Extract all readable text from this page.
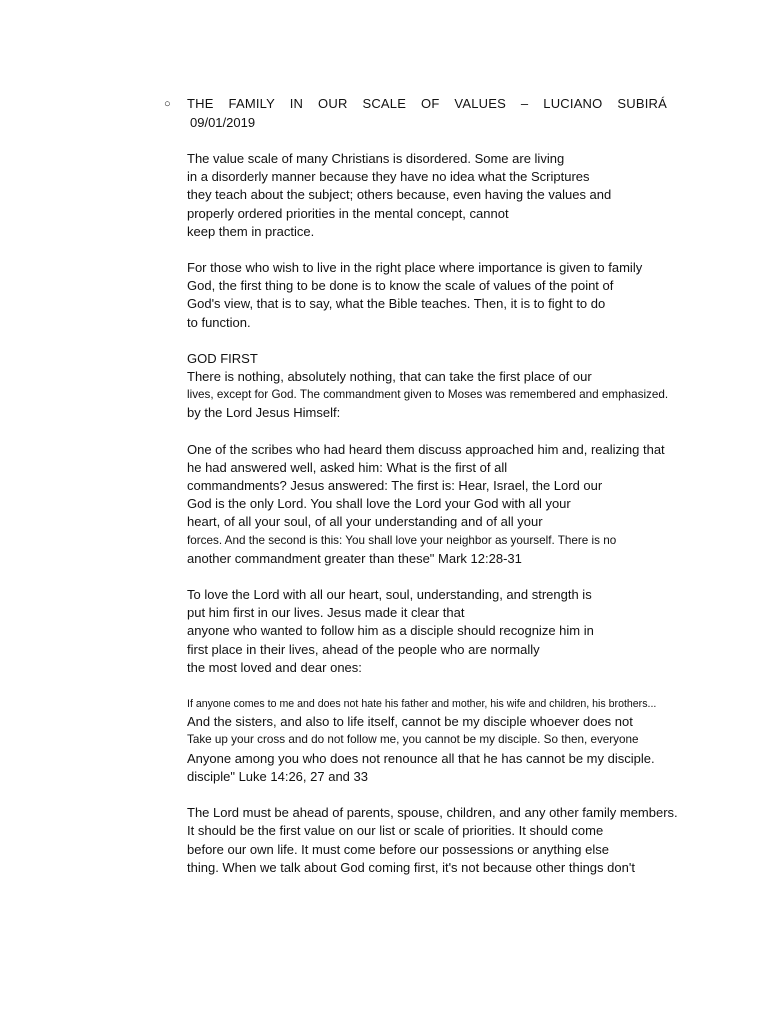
○ THE FAMILY IN OUR SCALE OF VALUES – LUCIANO SUBIRÁ
09/01/2019
The value scale of many Christians is disordered. Some are living
in a disorderly manner because they have no idea what the Scriptures
they teach about the subject; others because, even having the values and
properly ordered priorities in the mental concept, cannot
keep them in practice.
For those who wish to live in the right place where importance is given to family
God, the first thing to be done is to know the scale of values of the point of
God's view, that is to say, what the Bible teaches. Then, it is to fight to do
to function.
GOD FIRST
There is nothing, absolutely nothing, that can take the first place of our
lives, except for God. The commandment given to Moses was remembered and emphasized.
by the Lord Jesus Himself:
One of the scribes who had heard them discuss approached him and, realizing that
he had answered well, asked him: What is the first of all
commandments? Jesus answered: The first is: Hear, Israel, the Lord our
God is the only Lord. You shall love the Lord your God with all your
heart, of all your soul, of all your understanding and of all your
forces. And the second is this: You shall love your neighbor as yourself. There is no
another commandment greater than these" Mark 12:28-31
To love the Lord with all our heart, soul, understanding, and strength is
put him first in our lives. Jesus made it clear that
anyone who wanted to follow him as a disciple should recognize him in
first place in their lives, ahead of the people who are normally
the most loved and dear ones:
If anyone comes to me and does not hate his father and mother, his wife and children, his brothers...
And the sisters, and also to life itself, cannot be my disciple whoever does not
Take up your cross and do not follow me, you cannot be my disciple. So then, everyone
Anyone among you who does not renounce all that he has cannot be my disciple.
disciple" Luke 14:26, 27 and 33
The Lord must be ahead of parents, spouse, children, and any other family members.
It should be the first value on our list or scale of priorities. It should come
before our own life. It must come before our possessions or anything else
thing. When we talk about God coming first, it's not because other things don't
